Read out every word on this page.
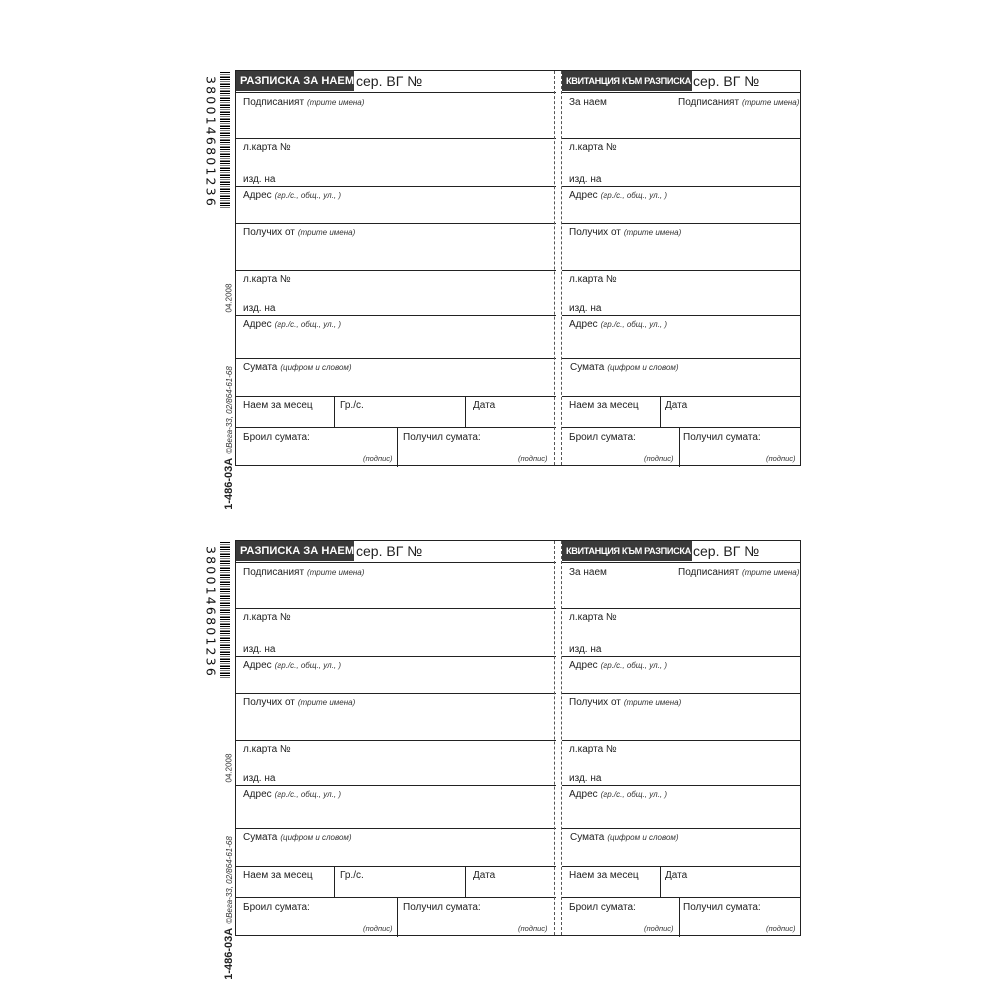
3800146801236
04.2008
1-486-03А©Вега-33, 02/864-61-68
РАЗПИСКА ЗА НАЕМ сер. ВГ №
Подписаният (трите имена)
л.карта №
изд. на
Адрес (гр./с., общ., ул., )
Получих от (трите имена)
л.карта №
изд. на
Адрес (гр./с., общ., ул., )
Сумата (цифром и словом)
Наем за месец	Гр./с.	Дата
Броил сумата:
(подпис)
Получил сумата:
(подпис)
КВИТАНЦИЯ КЪМ РАЗПИСКА сер. ВГ №
За наем	Подписаният (трите имена)
л.карта №
изд. на
Адрес (гр./с., общ., ул., )
Получих от (трите имена)
л.карта №
изд. на
Адрес (гр./с., общ., ул., )
Сумата (цифром и словом)
Наем за месец	Дата
Броил сумата:
(подпис)
Получил сумата:
(подпис)
3800146801236
04.2008
1-486-03А©Вега-33, 02/864-61-68
РАЗПИСКА ЗА НАЕМ сер. ВГ №
Подписаният (трите имена)
л.карта №
изд. на
Адрес (гр./с., общ., ул., )
Получих от (трите имена)
л.карта №
изд. на
Адрес (гр./с., общ., ул., )
Сумата (цифром и словом)
Наем за месец	Гр./с.	Дата
Броил сумата:
(подпис)
Получил сумата:
(подпис)
КВИТАНЦИЯ КЪМ РАЗПИСКА сер. ВГ №
За наем	Подписаният (трите имена)
л.карта №
изд. на
Адрес (гр./с., общ., ул., )
Получих от (трите имена)
л.карта №
изд. на
Адрес (гр./с., общ., ул., )
Сумата (цифром и словом)
Наем за месец	Дата
Броил сумата:
(подпис)
Получил сумата:
(подпис)
